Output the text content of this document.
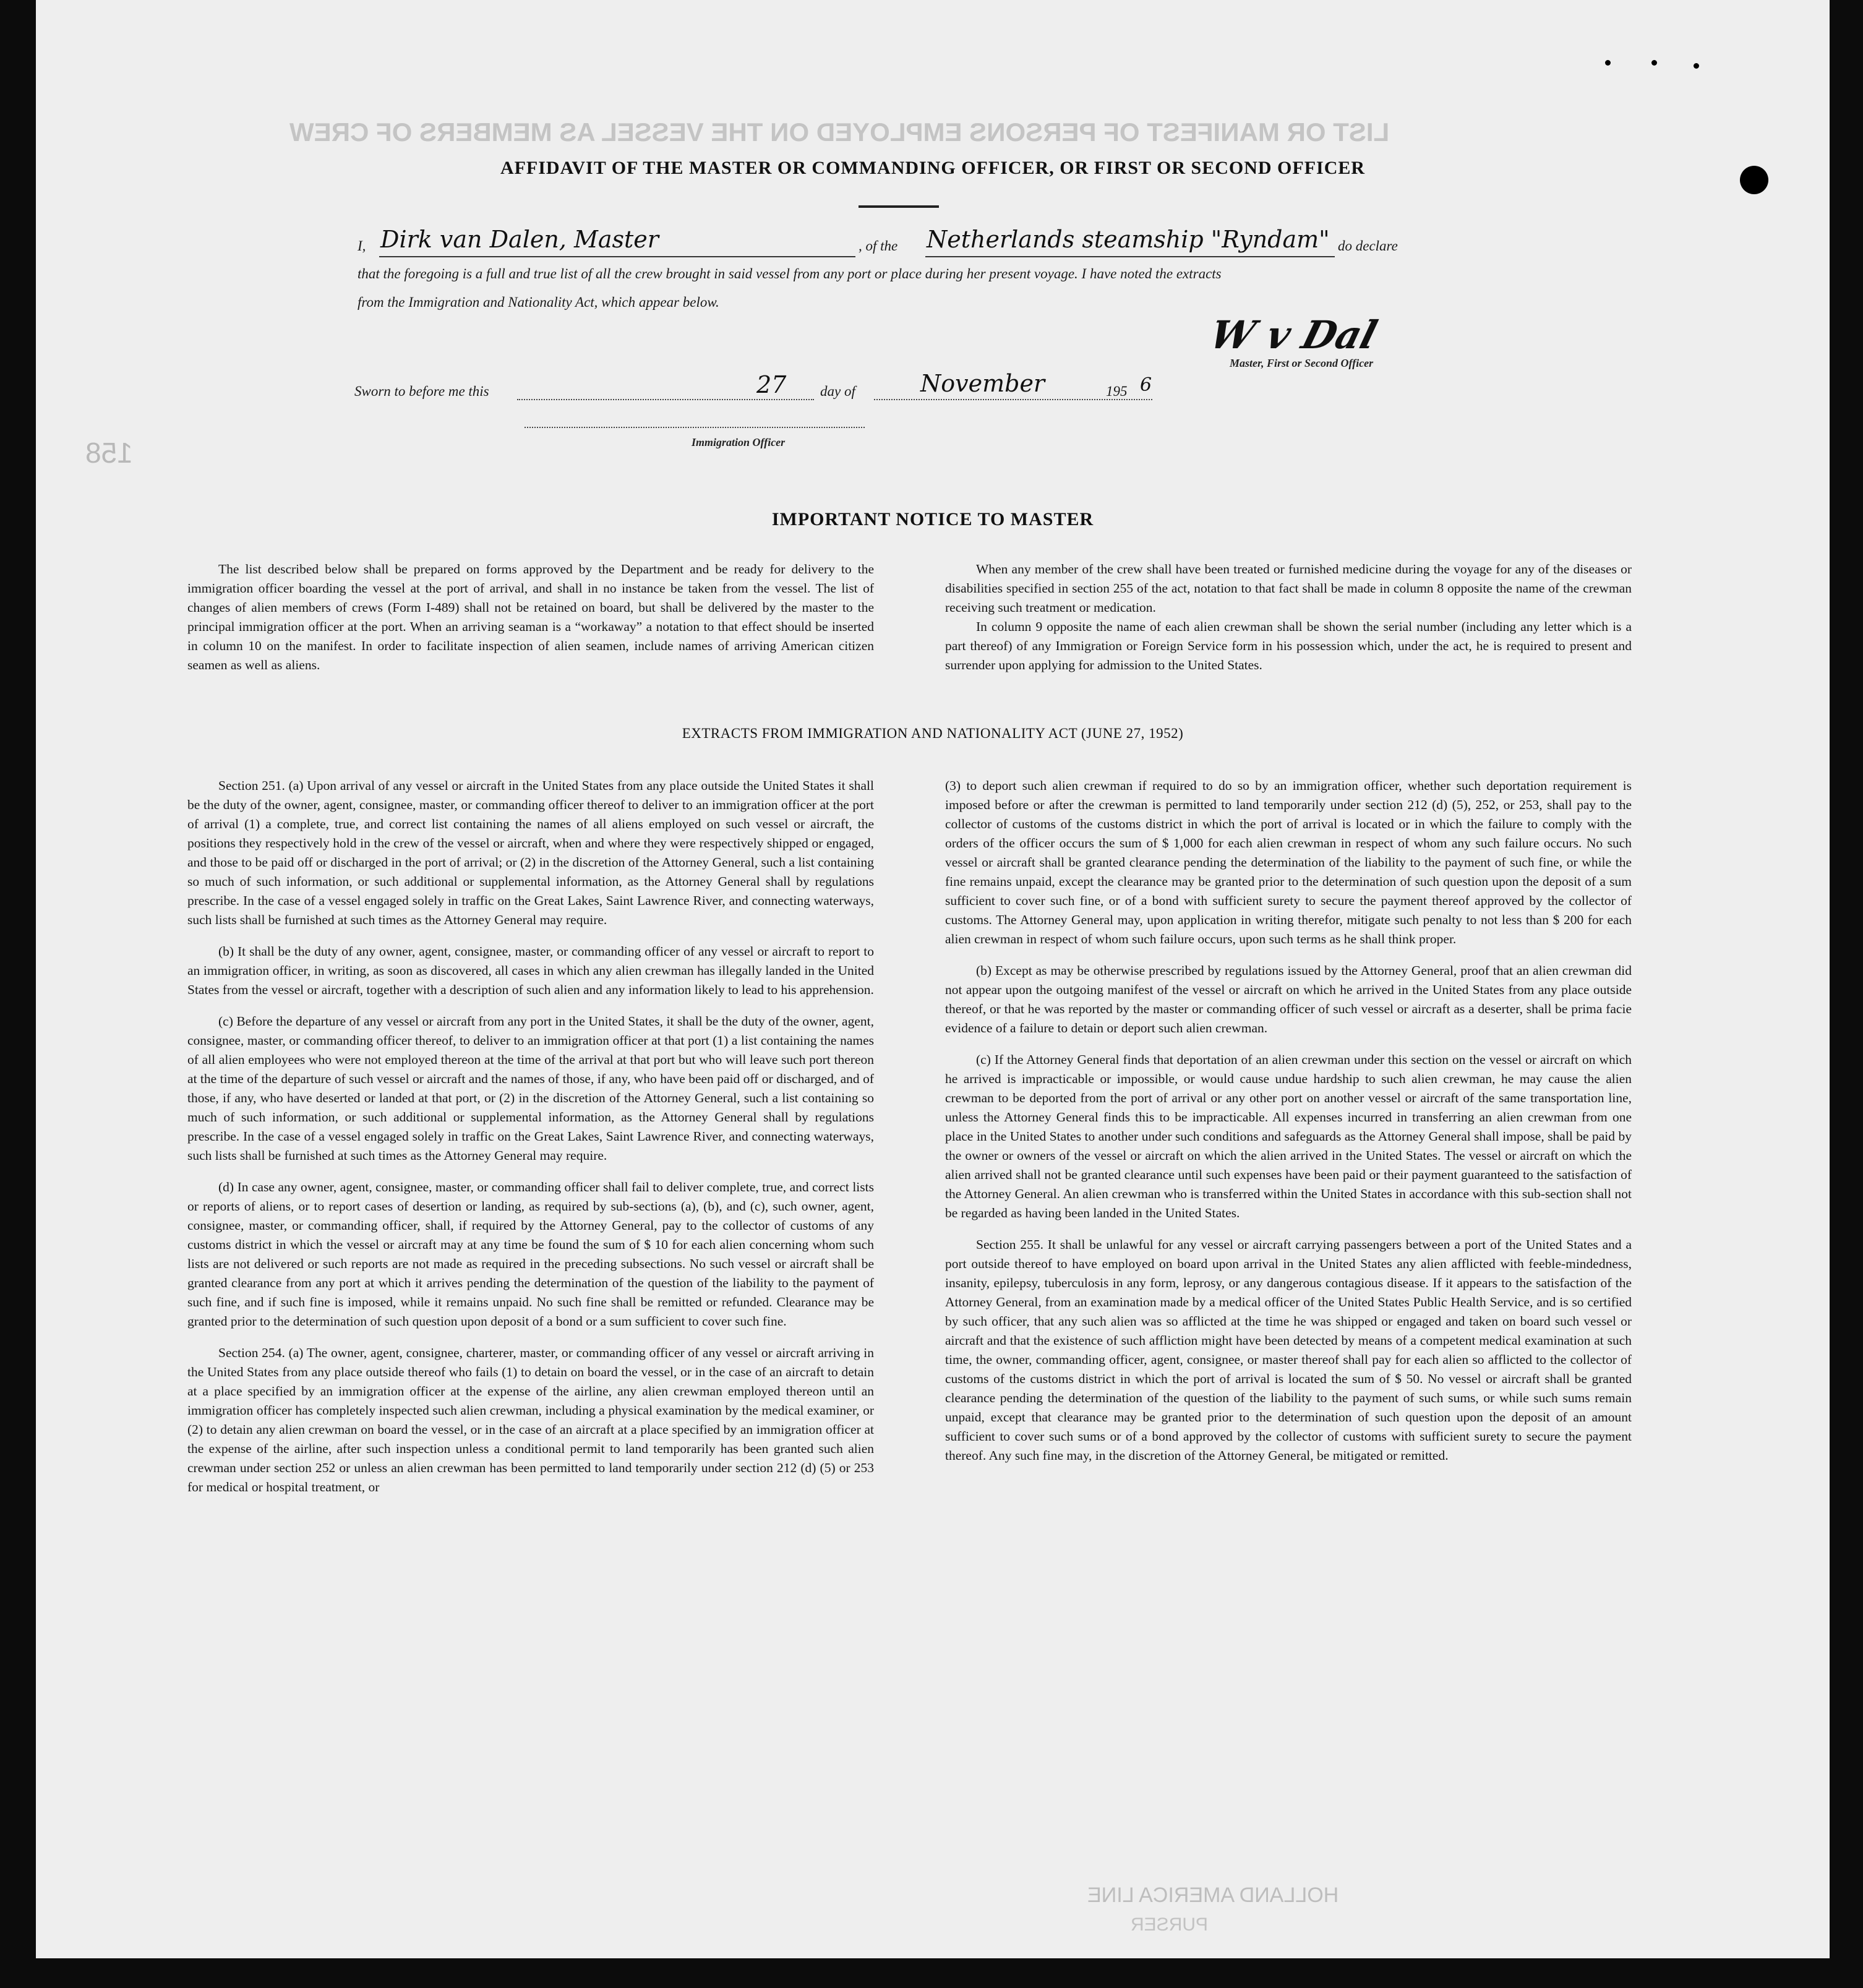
LIST OR MANIFEST OF PERSONS EMPLOYED ON THE VESSEL AS MEMBERS OF CREW
158
HOLLAND AMERICA LINE
PURSER
AFFIDAVIT OF THE MASTER OR COMMANDING OFFICER, OR FIRST OR SECOND OFFICER
I, Dirk van Dalen, Master	, of the Netherlands steamship "Ryndam" do declare
that the foregoing is a full and true list of all the crew brought in said vessel from any port or place during her present voyage. I have noted the extracts
from the Immigration and Nationality Act, which appear below.
W v Dal
Master, First or Second Officer
Sworn to before me this	27 day of	November	195 6
Immigration Officer
IMPORTANT NOTICE TO MASTER

The list described below shall be prepared on forms approved by the Department and be ready for delivery to the immigration officer boarding the vessel at the port of arrival, and shall in no instance be taken from the vessel. The list of changes of alien members of crews (Form I-489) shall not be retained on board, but shall be delivered by the master to the principal immigration officer at the port. When an arriving seaman is a “workaway” a notation to that effect should be inserted in column 10 on the manifest. In order to facilitate inspection of alien seamen, include names of arriving American citizen seamen as well as aliens.

When any member of the crew shall have been treated or furnished medicine during the voyage for any of the diseases or disabilities specified in section 255 of the act, notation to that fact shall be made in column 8 opposite the name of the crewman receiving such treatment or medication.

In column 9 opposite the name of each alien crewman shall be shown the serial number (including any letter which is a part thereof) of any Immigration or Foreign Service form in his possession which, under the act, he is required to present and surrender upon applying for admission to the United States.

EXTRACTS FROM IMMIGRATION AND NATIONALITY ACT (JUNE 27, 1952)

Section 251. (a) Upon arrival of any vessel or aircraft in the United States from any place outside the United States it shall be the duty of the owner, agent, consignee, master, or commanding officer thereof to deliver to an immigration officer at the port of arrival (1) a complete, true, and correct list containing the names of all aliens employed on such vessel or aircraft, the positions they respectively hold in the crew of the vessel or aircraft, when and where they were respectively shipped or engaged, and those to be paid off or discharged in the port of arrival; or (2) in the discretion of the Attorney General, such a list containing so much of such information, or such additional or supplemental information, as the Attorney General shall by regulations prescribe. In the case of a vessel engaged solely in traffic on the Great Lakes, Saint Lawrence River, and connecting waterways, such lists shall be furnished at such times as the Attorney General may require.

(b) It shall be the duty of any owner, agent, consignee, master, or commanding officer of any vessel or aircraft to report to an immigration officer, in writing, as soon as discovered, all cases in which any alien crewman has illegally landed in the United States from the vessel or aircraft, together with a description of such alien and any information likely to lead to his apprehension.

(c) Before the departure of any vessel or aircraft from any port in the United States, it shall be the duty of the owner, agent, consignee, master, or commanding officer thereof, to deliver to an immigration officer at that port (1) a list containing the names of all alien employees who were not employed thereon at the time of the arrival at that port but who will leave such port thereon at the time of the departure of such vessel or aircraft and the names of those, if any, who have been paid off or discharged, and of those, if any, who have deserted or landed at that port, or (2) in the discretion of the Attorney General, such a list containing so much of such information, or such additional or supplemental information, as the Attorney General shall by regulations prescribe. In the case of a vessel engaged solely in traffic on the Great Lakes, Saint Lawrence River, and connecting waterways, such lists shall be furnished at such times as the Attorney General may require.

(d) In case any owner, agent, consignee, master, or commanding officer shall fail to deliver complete, true, and correct lists or reports of aliens, or to report cases of desertion or landing, as required by sub-sections (a), (b), and (c), such owner, agent, consignee, master, or commanding officer, shall, if required by the Attorney General, pay to the collector of customs of any customs district in which the vessel or aircraft may at any time be found the sum of $ 10 for each alien concerning whom such lists are not delivered or such reports are not made as required in the preceding subsections. No such vessel or aircraft shall be granted clearance from any port at which it arrives pending the determination of the question of the liability to the payment of such fine, and if such fine is imposed, while it remains unpaid. No such fine shall be remitted or refunded. Clearance may be granted prior to the determination of such question upon deposit of a bond or a sum sufficient to cover such fine.

Section 254. (a) The owner, agent, consignee, charterer, master, or commanding officer of any vessel or aircraft arriving in the United States from any place outside thereof who fails (1) to detain on board the vessel, or in the case of an aircraft to detain at a place specified by an immigration officer at the expense of the airline, any alien crewman employed thereon until an immigration officer has completely inspected such alien crewman, including a physical examination by the medical examiner, or (2) to detain any alien crewman on board the vessel, or in the case of an aircraft at a place specified by an immigration officer at the expense of the airline, after such inspection unless a conditional permit to land temporarily has been granted such alien crewman under section 252 or unless an alien crewman has been permitted to land temporarily under section 212 (d) (5) or 253 for medical or hospital treatment, or

(3) to deport such alien crewman if required to do so by an immigration officer, whether such deportation requirement is imposed before or after the crewman is permitted to land temporarily under section 212 (d) (5), 252, or 253, shall pay to the collector of customs of the customs district in which the port of arrival is located or in which the failure to comply with the orders of the officer occurs the sum of $ 1,000 for each alien crewman in respect of whom any such failure occurs. No such vessel or aircraft shall be granted clearance pending the determination of the liability to the payment of such fine, or while the fine remains unpaid, except the clearance may be granted prior to the determination of such question upon the deposit of a sum sufficient to cover such fine, or of a bond with sufficient surety to secure the payment thereof approved by the collector of customs. The Attorney General may, upon application in writing therefor, mitigate such penalty to not less than $ 200 for each alien crewman in respect of whom such failure occurs, upon such terms as he shall think proper.

(b) Except as may be otherwise prescribed by regulations issued by the Attorney General, proof that an alien crewman did not appear upon the outgoing manifest of the vessel or aircraft on which he arrived in the United States from any place outside thereof, or that he was reported by the master or commanding officer of such vessel or aircraft as a deserter, shall be prima facie evidence of a failure to detain or deport such alien crewman.

(c) If the Attorney General finds that deportation of an alien crewman under this section on the vessel or aircraft on which he arrived is impracticable or impossible, or would cause undue hardship to such alien crewman, he may cause the alien crewman to be deported from the port of arrival or any other port on another vessel or aircraft of the same transportation line, unless the Attorney General finds this to be impracticable. All expenses incurred in transferring an alien crewman from one place in the United States to another under such conditions and safeguards as the Attorney General shall impose, shall be paid by the owner or owners of the vessel or aircraft on which the alien arrived in the United States. The vessel or aircraft on which the alien arrived shall not be granted clearance until such expenses have been paid or their payment guaranteed to the satisfaction of the Attorney General. An alien crewman who is transferred within the United States in accordance with this sub-section shall not be regarded as having been landed in the United States.

Section 255. It shall be unlawful for any vessel or aircraft carrying passengers between a port of the United States and a port outside thereof to have employed on board upon arrival in the United States any alien afflicted with feeble-mindedness, insanity, epilepsy, tuberculosis in any form, leprosy, or any dangerous contagious disease. If it appears to the satisfaction of the Attorney General, from an examination made by a medical officer of the United States Public Health Service, and is so certified by such officer, that any such alien was so afflicted at the time he was shipped or engaged and taken on board such vessel or aircraft and that the existence of such affliction might have been detected by means of a competent medical examination at such time, the owner, commanding officer, agent, consignee, or master thereof shall pay for each alien so afflicted to the collector of customs of the customs district in which the port of arrival is located the sum of $ 50. No vessel or aircraft shall be granted clearance pending the determination of the question of the liability to the payment of such sums, or while such sums remain unpaid, except that clearance may be granted prior to the determination of such question upon the deposit of an amount sufficient to cover such sums or of a bond approved by the collector of customs with sufficient surety to secure the payment thereof. Any such fine may, in the discretion of the Attorney General, be mitigated or remitted.
